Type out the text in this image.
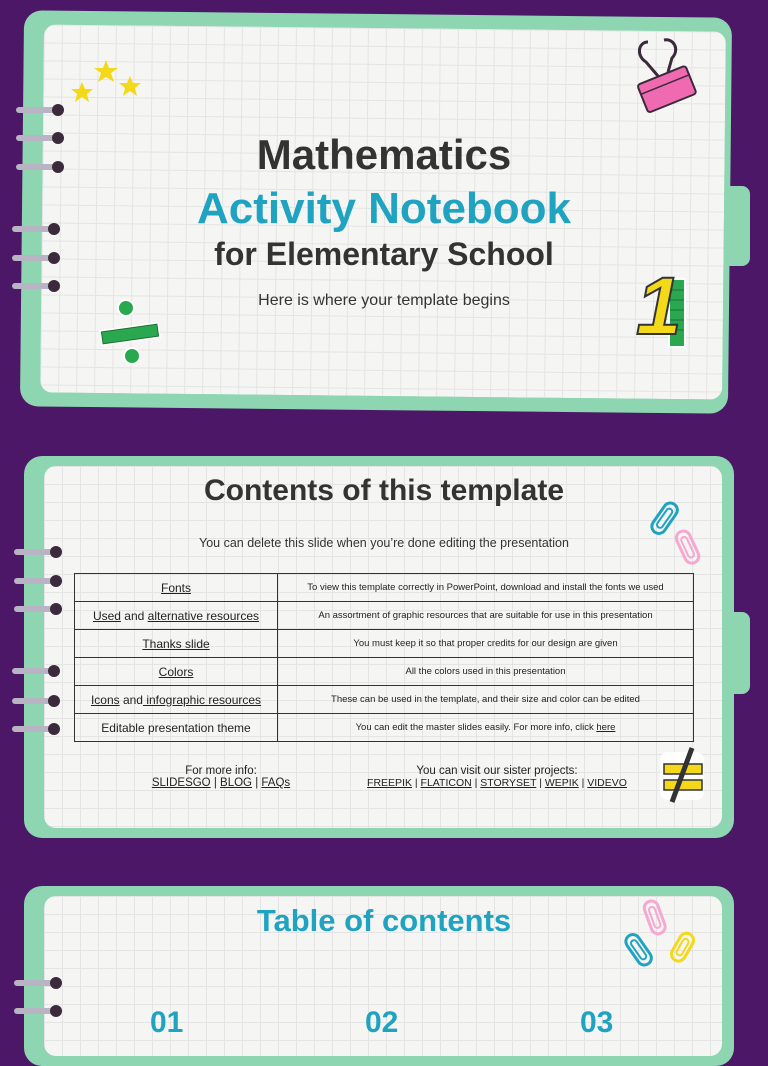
Mathematics
Activity Notebook
for Elementary School
Here is where your template begins	1
Contents of this template
You can delete this slide when you’re done editing the presentation
Fonts	To view this template correctly in PowerPoint, download and install the fonts we used
Used and alternative resources	An assortment of graphic resources that are suitable for use in this presentation
Thanks slide	You must keep it so that proper credits for our design are given
Colors	All the colors used in this presentation
Icons and infographic resources	These can be used in the template, and their size and color can be edited
Editable presentation theme	You can edit the master slides easily. For more info, click here
For more info:
SLIDESGO | BLOG | FAQs
You can visit our sister projects:
FREEPIK | FLATICON | STORYSET | WEPIK | VIDEVO
Table of contents
01	02	03
